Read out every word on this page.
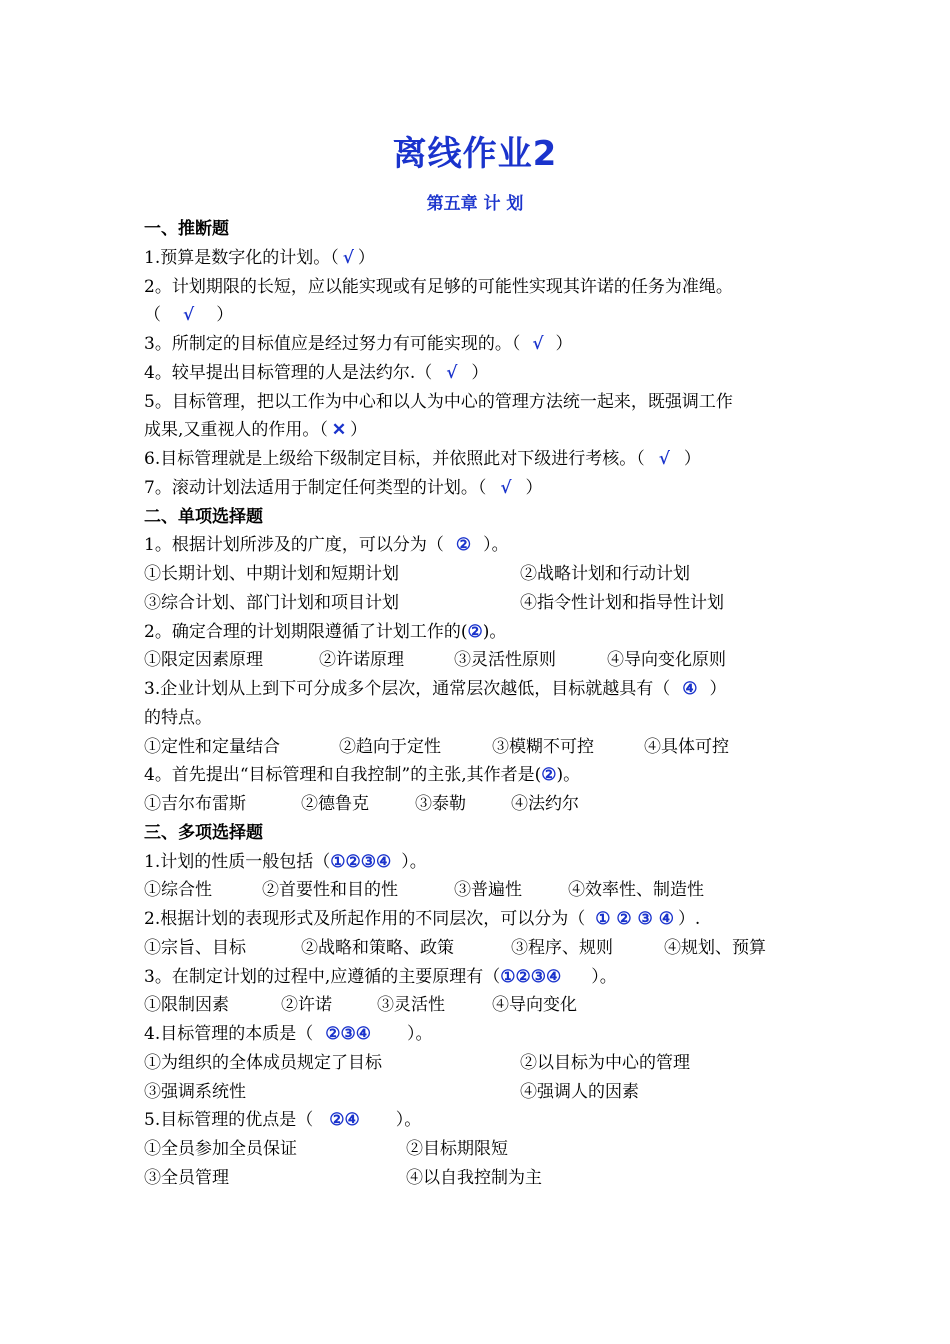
离线作业2
第五章 计 划
一、推断题
1.预算是数字化的计划。（ √ ）
2。计划期限的长短，应以能实现或有足够的可能性实现其许诺的任务为准绳。
（ √ ）
3。所制定的目标值应是经过努力有可能实现的。（ √ ）
4。较早提出目标管理的人是法约尔.（ √ ）
5。目标管理，把以工作为中心和以人为中心的管理方法统一起来，既强调工作
成果,又重视人的作用。（ ✕ ）
6.目标管理就是上级给下级制定目标，并依照此对下级进行考核。（ √ ）
7。滚动计划法适用于制定任何类型的计划。（ √ ）
二、单项选择题
1。根据计划所涉及的广度，可以分为（ ② ）。
①长期计划、中期计划和短期计划	②战略计划和行动计划
③综合计划、部门计划和项目计划	④指令性计划和指导性计划
2。确定合理的计划期限遵循了计划工作的(②)。
①限定因素原理	②许诺原理	③灵活性原则	④导向变化原则
3.企业计划从上到下可分成多个层次，通常层次越低，目标就越具有（ ④ ）
的特点。
①定性和定量结合	②趋向于定性	③模糊不可控	④具体可控
4。首先提出“目标管理和自我控制”的主张,其作者是(②)。
①吉尔布雷斯	②德鲁克	③泰勒	④法约尔
三、多项选择题
1.计划的性质一般包括（①②③④ ）。
①综合性	②首要性和目的性	③普遍性	④效率性、制造性
2.根据计划的表现形式及所起作用的不同层次，可以分为（ ① ② ③ ④ ）.
①宗旨、目标	②战略和策略、政策	③程序、规则	④规划、预算
3。在制定计划的过程中,应遵循的主要原理有（①②③④ ）。
①限制因素	②许诺	③灵活性	④导向变化
4.目标管理的本质是（ ②③④ ）。
①为组织的全体成员规定了目标	②以目标为中心的管理
③强调系统性	④强调人的因素
5.目标管理的优点是（ ②④ ）。
①全员参加全员保证	②目标期限短
③全员管理	④以自我控制为主
